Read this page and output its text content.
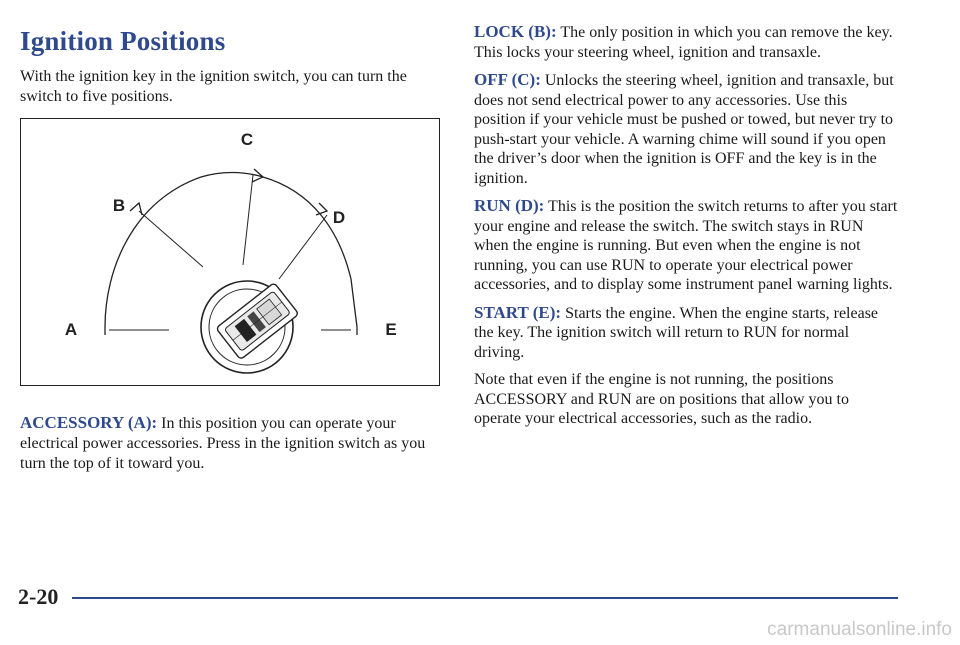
Ignition Positions

With the ignition key in the ignition switch, you can turn the switch to five positions.

C
B
D
A	E

ACCESSORY (A): In this position you can operate your electrical power accessories. Press in the ignition switch as you turn the top of it toward you.

LOCK (B): The only position in which you can remove the key. This locks your steering wheel, ignition and transaxle.

OFF (C): Unlocks the steering wheel, ignition and transaxle, but does not send electrical power to any accessories. Use this position if your vehicle must be pushed or towed, but never try to push-start your vehicle. A warning chime will sound if you open the driver’s door when the ignition is OFF and the key is in the ignition.

RUN (D): This is the position the switch returns to after you start your engine and release the switch. The switch stays in RUN when the engine is running. But even when the engine is not running, you can use RUN to operate your electrical power accessories, and to display some instrument panel warning lights.

START (E): Starts the engine. When the engine starts, release the key. The ignition switch will return to RUN for normal driving.

Note that even if the engine is not running, the positions ACCESSORY and RUN are on positions that allow you to operate your electrical accessories, such as the radio.

2-20
carmanualsonline.info
